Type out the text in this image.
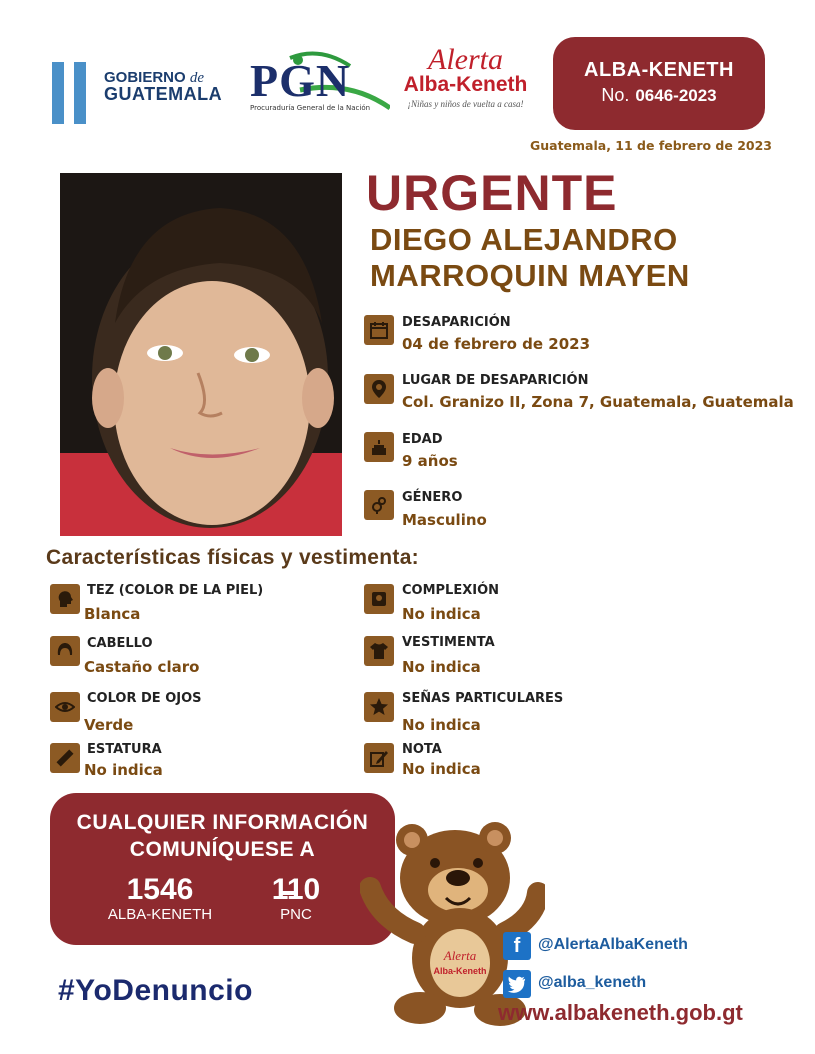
GOBIERNO de
GUATEMALA PGN
Procuraduría General de la Nación
Alerta
Alba-Keneth
¡Niñas y niños de vuelta a casa!
ALBA-KENETH
No. 0646-2023
Guatemala, 11 de febrero de 2023
URGENTE
DIEGO ALEJANDRO
MARROQUIN MAYEN
DESAPARICIÓN
04 de febrero de 2023
LUGAR DE DESAPARICIÓN
Col. Granizo II, Zona 7, Guatemala, Guatemala
EDAD
9 años
GÉNERO
Masculino
Características físicas y vestimenta:
TEZ (COLOR DE LA PIEL)
Blanca
CABELLO
Castaño claro
COLOR DE OJOS
Verde
ESTATURA
No indica
COMPLEXIÓN
No indica
VESTIMENTA
No indica
SEÑAS PARTICULARES
No indica
NOTA
No indica
CUALQUIER INFORMACIÓN
COMUNÍQUESE A
1546
ALBA-KENETH
110
PNC
#YoDenuncio
Alerta
Alba-Keneth
f	@AlertaAlbaKeneth
@alba_keneth
www.albakeneth.gob.gt
